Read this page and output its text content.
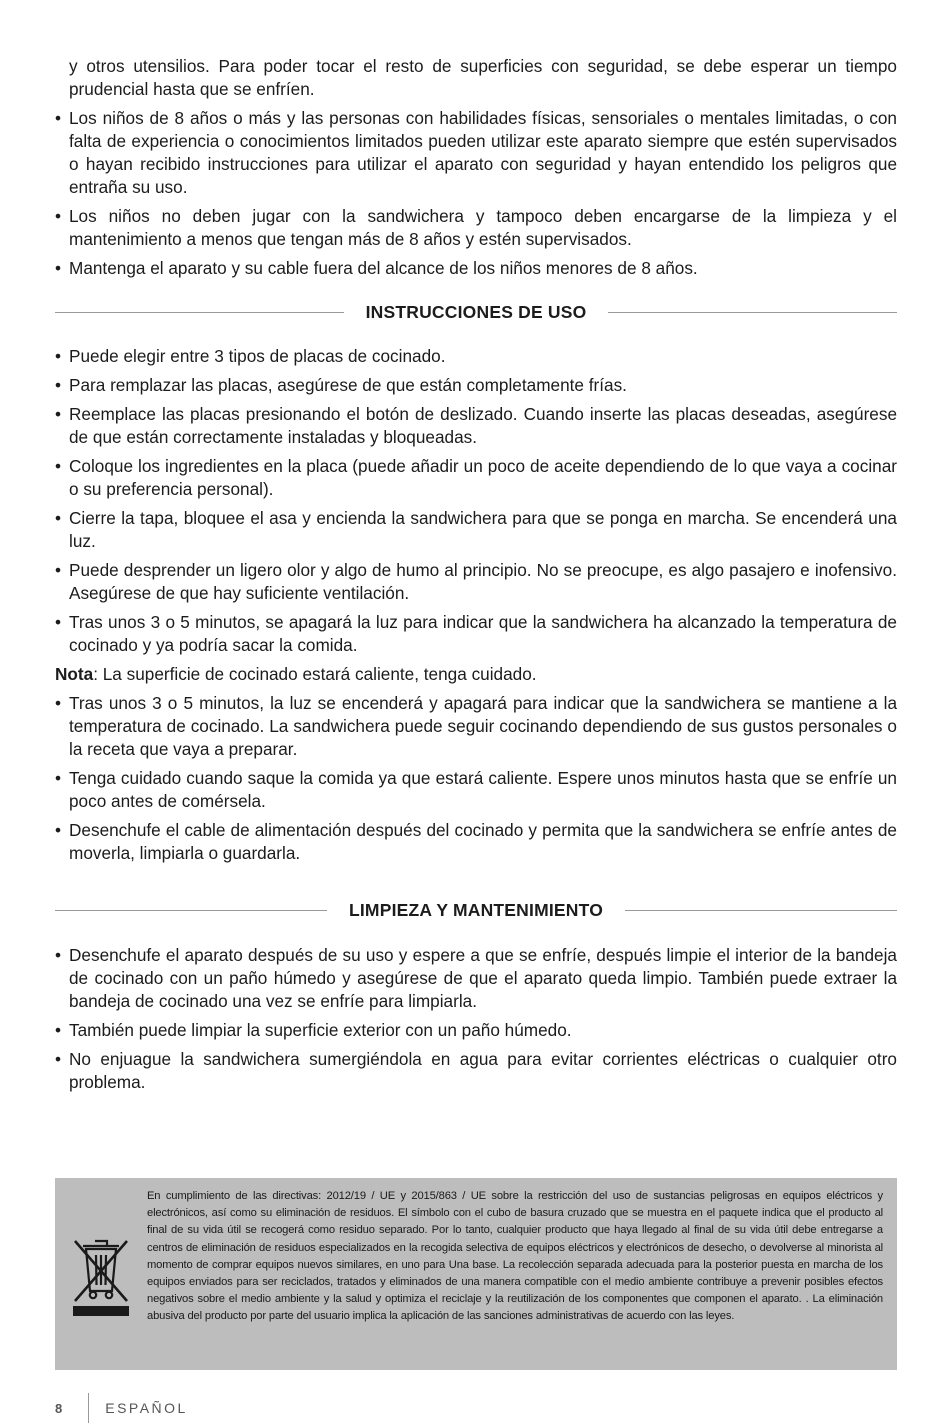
y otros utensilios. Para poder tocar el resto de superficies con seguridad, se debe esperar un tiempo prudencial hasta que se enfríen.

• Los niños de 8 años o más y las personas con habilidades físicas, sensoriales o mentales limitadas, o con falta de experiencia o conocimientos limitados pueden utilizar este aparato siempre que estén supervisados o hayan recibido instrucciones para utilizar el aparato con seguridad y hayan entendido los peligros que entraña su uso.
• Los niños no deben jugar con la sandwichera y tampoco deben encargarse de la limpieza y el mantenimiento a menos que tengan más de 8 años y estén supervisados.
• Mantenga el aparato y su cable fuera del alcance de los niños menores de 8 años.
INSTRUCCIONES DE USO
• Puede elegir entre 3 tipos de placas de cocinado.
• Para remplazar las placas, asegúrese de que están completamente frías.
• Reemplace las placas presionando el botón de deslizado. Cuando inserte las placas deseadas, asegúrese de que están correctamente instaladas y bloqueadas.
• Coloque los ingredientes en la placa (puede añadir un poco de aceite dependiendo de lo que vaya a cocinar o su preferencia personal).
• Cierre la tapa, bloquee el asa y encienda la sandwichera para que se ponga en marcha. Se encenderá una luz.
• Puede desprender un ligero olor y algo de humo al principio. No se preocupe, es algo pasajero e inofensivo. Asegúrese de que hay suficiente ventilación.
• Tras unos 3 o 5 minutos, se apagará la luz para indicar que la sandwichera ha alcanzado la temperatura de cocinado y ya podría sacar la comida.

Nota: La superficie de cocinado estará caliente, tenga cuidado.

• Tras unos 3 o 5 minutos, la luz se encenderá y apagará para indicar que la sandwichera se mantiene a la temperatura de cocinado. La sandwichera puede seguir cocinando dependiendo de sus gustos personales o la receta que vaya a preparar.
• Tenga cuidado cuando saque la comida ya que estará caliente. Espere unos minutos hasta que se enfríe un poco antes de comérsela.
• Desenchufe el cable de alimentación después del cocinado y permita que la sandwichera se enfríe antes de moverla, limpiarla o guardarla.
LIMPIEZA Y MANTENIMIENTO
• Desenchufe el aparato después de su uso y espere a que se enfríe, después limpie el interior de la bandeja de cocinado con un paño húmedo y asegúrese de que el aparato queda limpio. También puede extraer la bandeja de cocinado una vez se enfríe para limpiarla.
• También puede limpiar la superficie exterior con un paño húmedo.
• No enjuague la sandwichera sumergiéndola en agua para evitar corrientes eléctricas o cualquier otro problema.
En cumplimiento de las directivas: 2012/19 / UE y 2015/863 / UE sobre la restricción del uso de sustancias peligrosas en equipos eléctricos y electrónicos, así como su eliminación de residuos. El símbolo con el cubo de basura cruzado que se muestra en el paquete indica que el producto al final de su vida útil se recogerá como residuo separado. Por lo tanto, cualquier producto que haya llegado al final de su vida útil debe entregarse a centros de eliminación de residuos especializados en la recogida selectiva de equipos eléctricos y electrónicos de desecho, o devolverse al minorista al momento de comprar equipos nuevos similares, en uno para Una base. La recolección separada adecuada para la posterior puesta en marcha de los equipos enviados para ser reciclados, tratados y eliminados de una manera compatible con el medio ambiente contribuye a prevenir posibles efectos negativos sobre el medio ambiente y la salud y optimiza el reciclaje y la reutilización de los componentes que componen el aparato. . La eliminación abusiva del producto por parte del usuario implica la aplicación de las sanciones administrativas de acuerdo con las leyes.
8	ESPAÑOL
